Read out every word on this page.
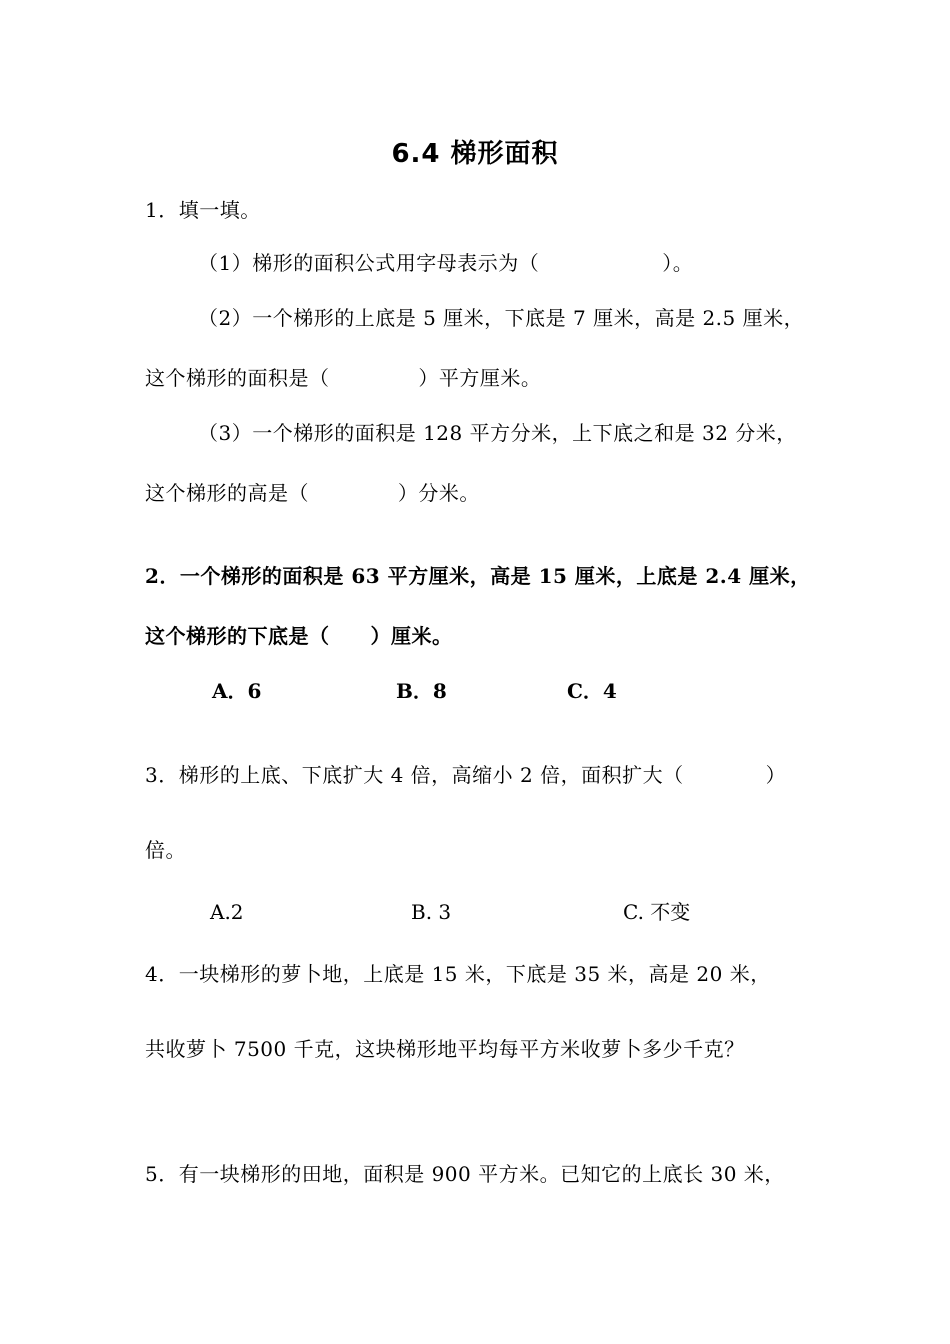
6.4 梯形面积
1．填一填。
（1）梯形的面积公式用字母表示为（　　　　　　）。
（2）一个梯形的上底是 5 厘米，下底是 7 厘米，高是 2.5 厘米，
这个梯形的面积是（　　　　 ）平方厘米。
（3）一个梯形的面积是 128 平方分米，上下底之和是 32 分米，
这个梯形的高是（　　　　 ）分米。
2．一个梯形的面积是 63 平方厘米，高是 15 厘米，上底是 2.4 厘米，
这个梯形的下底是（　　）厘米。
A．6	B．8	C．4
3．梯形的上底、下底扩大 4 倍，高缩小 2 倍，面积扩大（　　　　）
倍。
A.2	B. 3	C. 不变
4．一块梯形的萝卜地，上底是 15 米，下底是 35 米，高是 20 米，
共收萝卜 7500 千克，这块梯形地平均每平方米收萝卜多少千克？
5．有一块梯形的田地，面积是 900 平方米。已知它的上底长 30 米，
